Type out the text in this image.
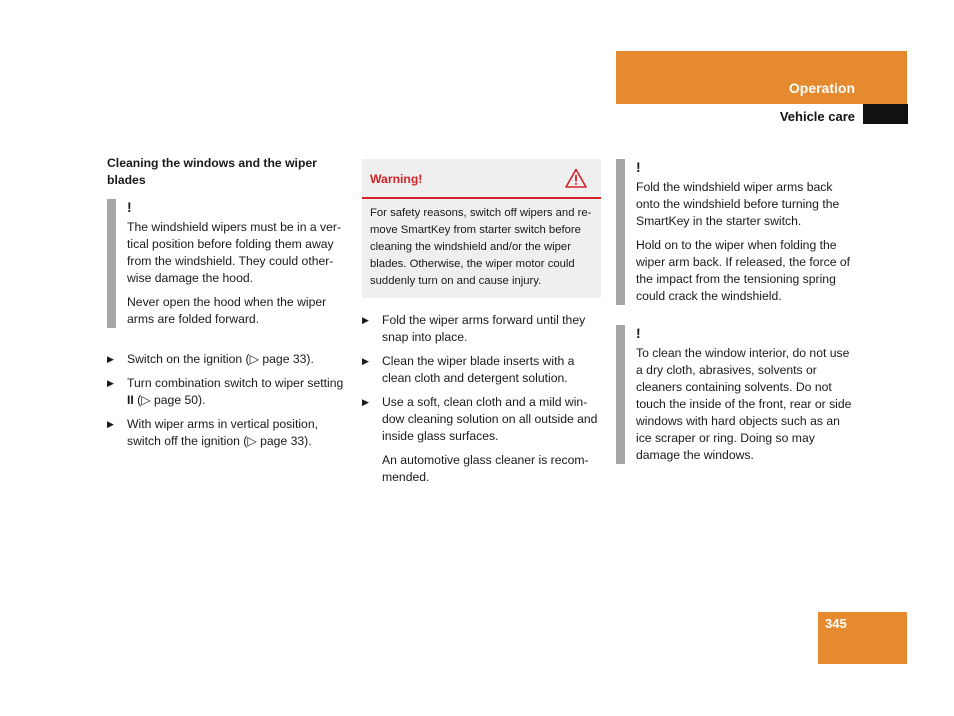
Operation
Vehicle care
Cleaning the windows and the wiper blades
!

The windshield wipers must be in a ver-tical position before folding them away from the windshield. They could other-wise damage the hood.

Never open the hood when the wiper arms are folded forward.

▶ Switch on the ignition (▷ page 33).
▶ Turn combination switch to wiper setting II (▷ page 50).
▶ With wiper arms in vertical position, switch off the ignition (▷ page 33).
Warning!
For safety reasons, switch off wipers and re-move SmartKey from starter switch before cleaning the windshield and/or the wiper blades. Otherwise, the wiper motor could suddenly turn on and cause injury.
▶ Fold the wiper arms forward until they snap into place.
▶ Clean the wiper blade inserts with a clean cloth and detergent solution.
▶ Use a soft, clean cloth and a mild win-dow cleaning solution on all outside and inside glass surfaces.
An automotive glass cleaner is recom-mended.
!

Fold the windshield wiper arms back onto the windshield before turning the SmartKey in the starter switch.

Hold on to the wiper when folding the wiper arm back. If released, the force of the impact from the tensioning spring could crack the windshield.

!

To clean the window interior, do not use a dry cloth, abrasives, solvents or cleaners containing solvents. Do not touch the inside of the front, rear or side windows with hard objects such as an ice scraper or ring. Doing so may damage the windows.

345
